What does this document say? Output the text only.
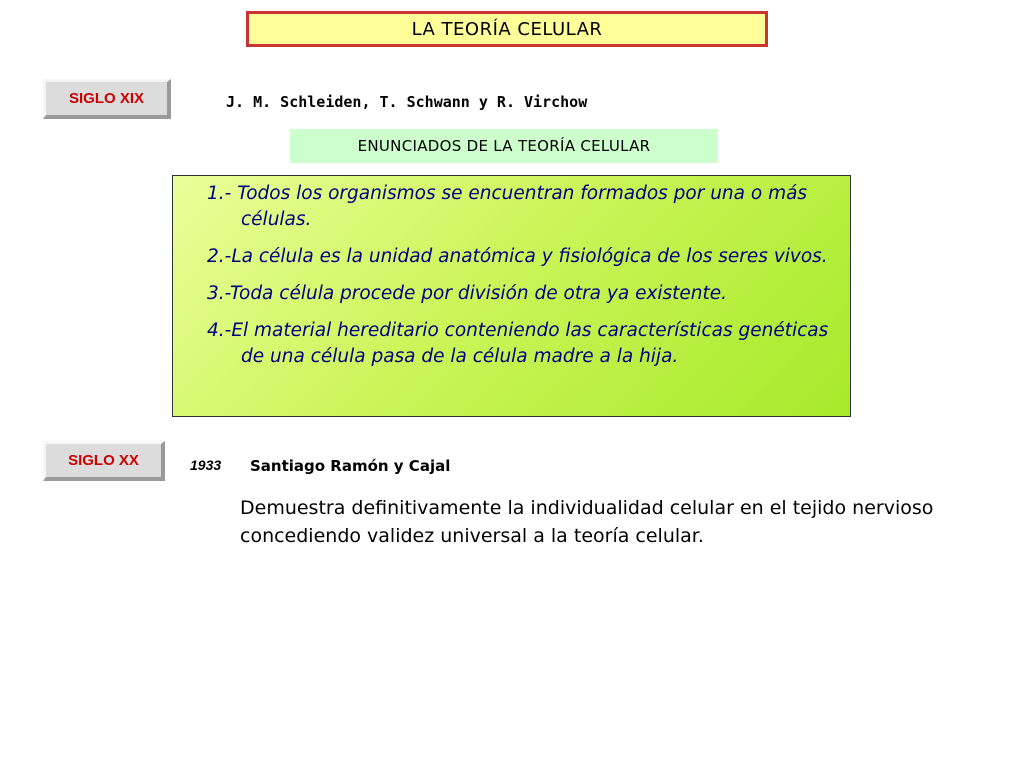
LA TEORÍA CELULAR
SIGLO XIX	J. M. Schleiden, T. Schwann y R. Virchow
ENUNCIADOS DE LA TEORÍA CELULAR
1.- Todos los organismos se encuentran formados por una o más células.
2.-La célula es la unidad anatómica y fisiológica de los seres vivos.
3.-Toda célula procede por división de otra ya existente.
4.-El material hereditario conteniendo las características genéticas de una célula pasa de la célula madre a la hija.
SIGLO XX	1933 Santiago Ramón y Cajal
Demuestra definitivamente la individualidad celular en el tejido nervioso concediendo validez universal a la teoría celular.
